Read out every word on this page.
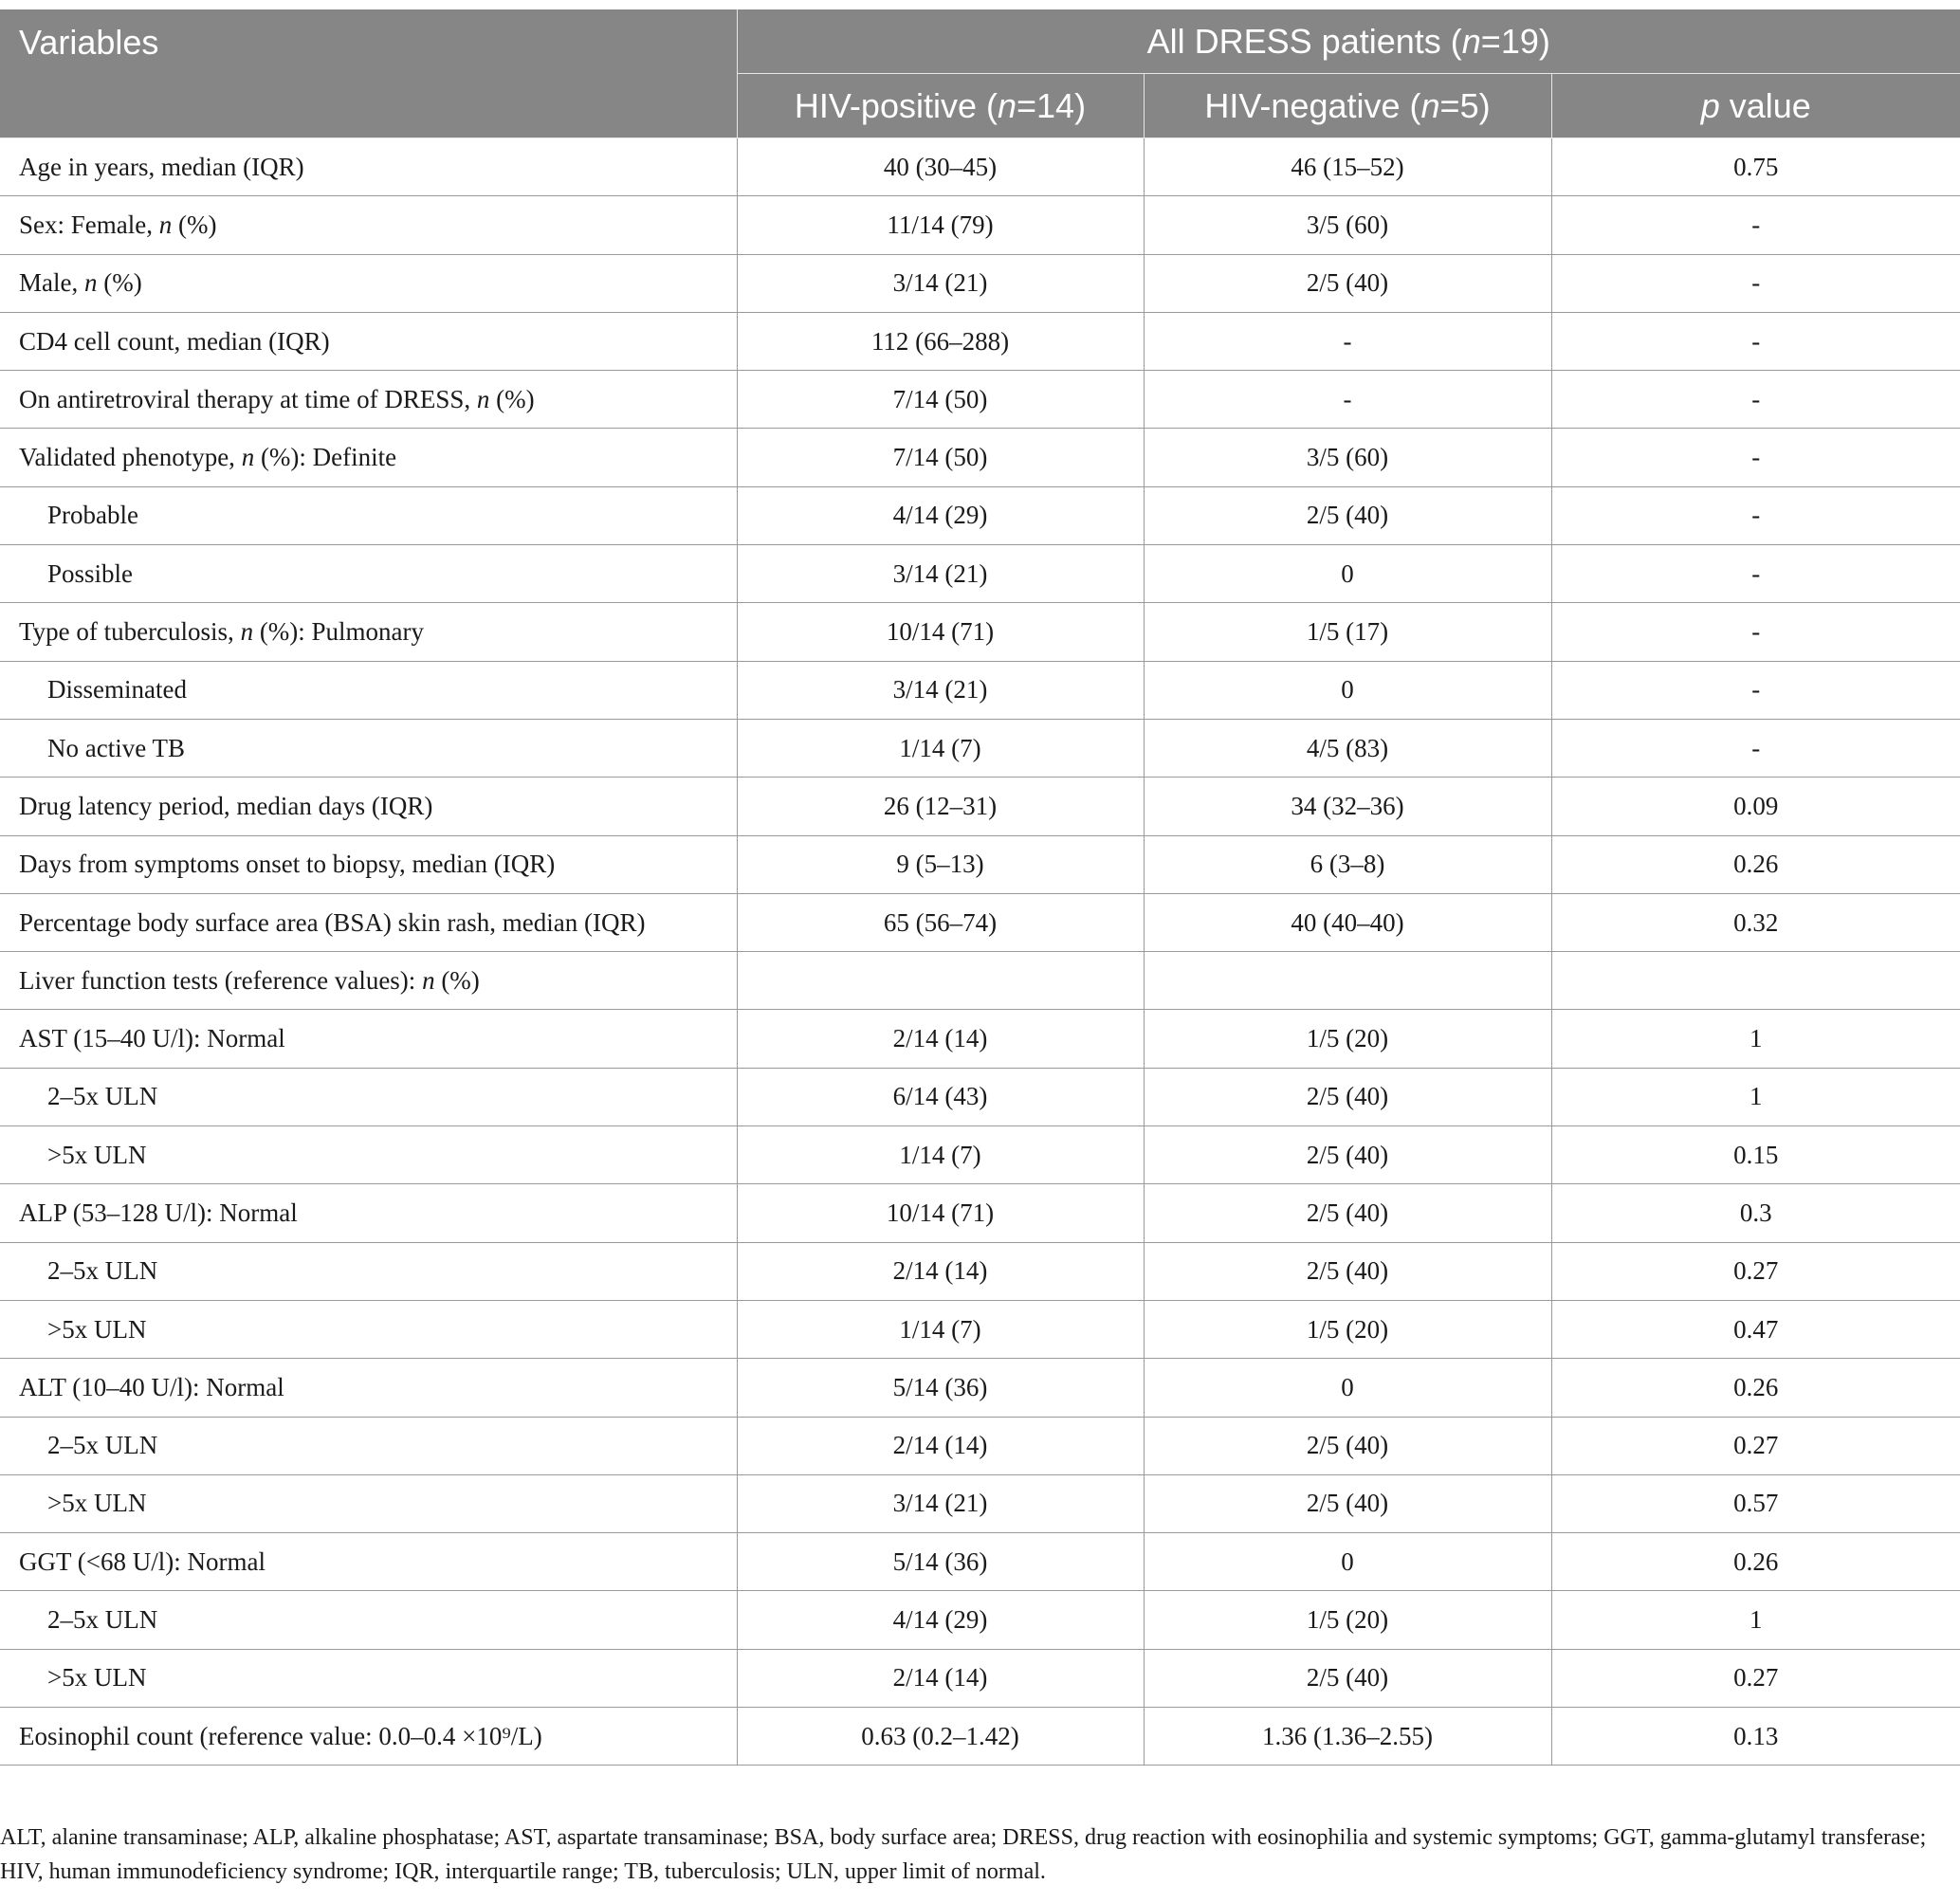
Variables	All DRESS patients (n=19)		
	HIV-positive (n=14)	HIV-negative (n=5)	p value
Age in years, median (IQR)	40 (30–45)	46 (15–52)	0.75
Sex: Female, n (%)	11/14 (79)	3/5 (60)	-
Male, n (%)	3/14 (21)	2/5 (40)	-
CD4 cell count, median (IQR)	112 (66–288)	-	-
On antiretroviral therapy at time of DRESS, n (%)	7/14 (50)	-	-
Validated phenotype, n (%): Definite	7/14 (50)	3/5 (60)	-
Probable	4/14 (29)	2/5 (40)	-
Possible	3/14 (21)	0	-
Type of tuberculosis, n (%): Pulmonary	10/14 (71)	1/5 (17)	-
Disseminated	3/14 (21)	0	-
No active TB	1/14 (7)	4/5 (83)	-
Drug latency period, median days (IQR)	26 (12–31)	34 (32–36)	0.09
Days from symptoms onset to biopsy, median (IQR)	9 (5–13)	6 (3–8)	0.26
Percentage body surface area (BSA) skin rash, median (IQR)	65 (56–74)	40 (40–40)	0.32
Liver function tests (reference values): n (%)			
AST (15–40 U/l): Normal	2/14 (14)	1/5 (20)	1
2–5x ULN	6/14 (43)	2/5 (40)	1
>5x ULN	1/14 (7)	2/5 (40)	0.15
ALP (53–128 U/l): Normal	10/14 (71)	2/5 (40)	0.3
2–5x ULN	2/14 (14)	2/5 (40)	0.27
>5x ULN	1/14 (7)	1/5 (20)	0.47
ALT (10–40 U/l): Normal	5/14 (36)	0	0.26
2–5x ULN	2/14 (14)	2/5 (40)	0.27
>5x ULN	3/14 (21)	2/5 (40)	0.57
GGT (<68 U/l): Normal	5/14 (36)	0	0.26
2–5x ULN	4/14 (29)	1/5 (20)	1
>5x ULN	2/14 (14)	2/5 (40)	0.27
Eosinophil count (reference value: 0.0–0.4 ×10⁹/L)	0.63 (0.2–1.42)	1.36 (1.36–2.55)	0.13

ALT, alanine transaminase; ALP, alkaline phosphatase; AST, aspartate transaminase; BSA, body surface area; DRESS, drug reaction with eosinophilia and systemic symptoms; GGT, gamma-glutamyl transferase; HIV, human immunodeficiency syndrome; IQR, interquartile range; TB, tuberculosis; ULN, upper limit of normal.
